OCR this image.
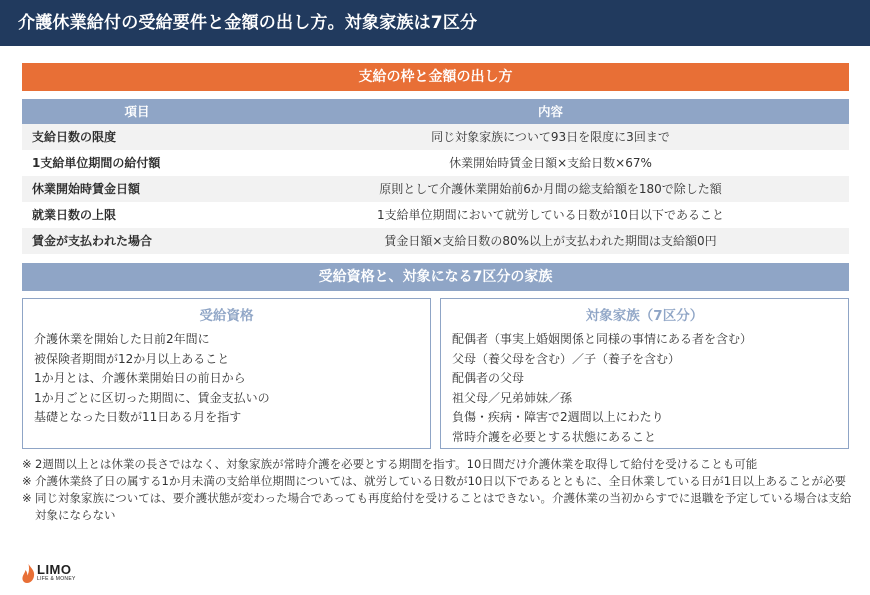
介護休業給付の受給要件と金額の出し方。対象家族は7区分
支給の枠と金額の出し方
項目	内容
支給日数の限度	同じ対象家族について93日を限度に3回まで
1支給単位期間の給付額	休業開始時賃金日額×支給日数×67%
休業開始時賃金日額	原則として介護休業開始前6か月間の総支給額を180で除した額
就業日数の上限	1支給単位期間において就労している日数が10日以下であること
賃金が支払われた場合	賃金日額×支給日数の80%以上が支払われた期間は支給額0円
受給資格と、対象になる7区分の家族
受給資格
介護休業を開始した日前2年間に
被保険者期間が12か月以上あること
1か月とは、介護休業開始日の前日から
1か月ごとに区切った期間に、賃金支払いの
基礎となった日数が11日ある月を指す
対象家族（7区分）
配偶者（事実上婚姻関係と同様の事情にある者を含む）
父母（養父母を含む）／子（養子を含む）
配偶者の父母
祖父母／兄弟姉妹／孫
負傷・疾病・障害で2週間以上にわたり
常時介護を必要とする状態にあること
※ 2週間以上とは休業の長さではなく、対象家族が常時介護を必要とする期間を指す。10日間だけ介護休業を取得して給付を受けることも可能
※ 介護休業終了日の属する1か月未満の支給単位期間については、就労している日数が10日以下であるとともに、全日休業している日が1日以上あることが必要
※ 同じ対象家族については、要介護状態が変わった場合であっても再度給付を受けることはできない。介護休業の当初からすでに退職を予定している場合は支給対象にならない
LIMO
LIFE & MONEY
